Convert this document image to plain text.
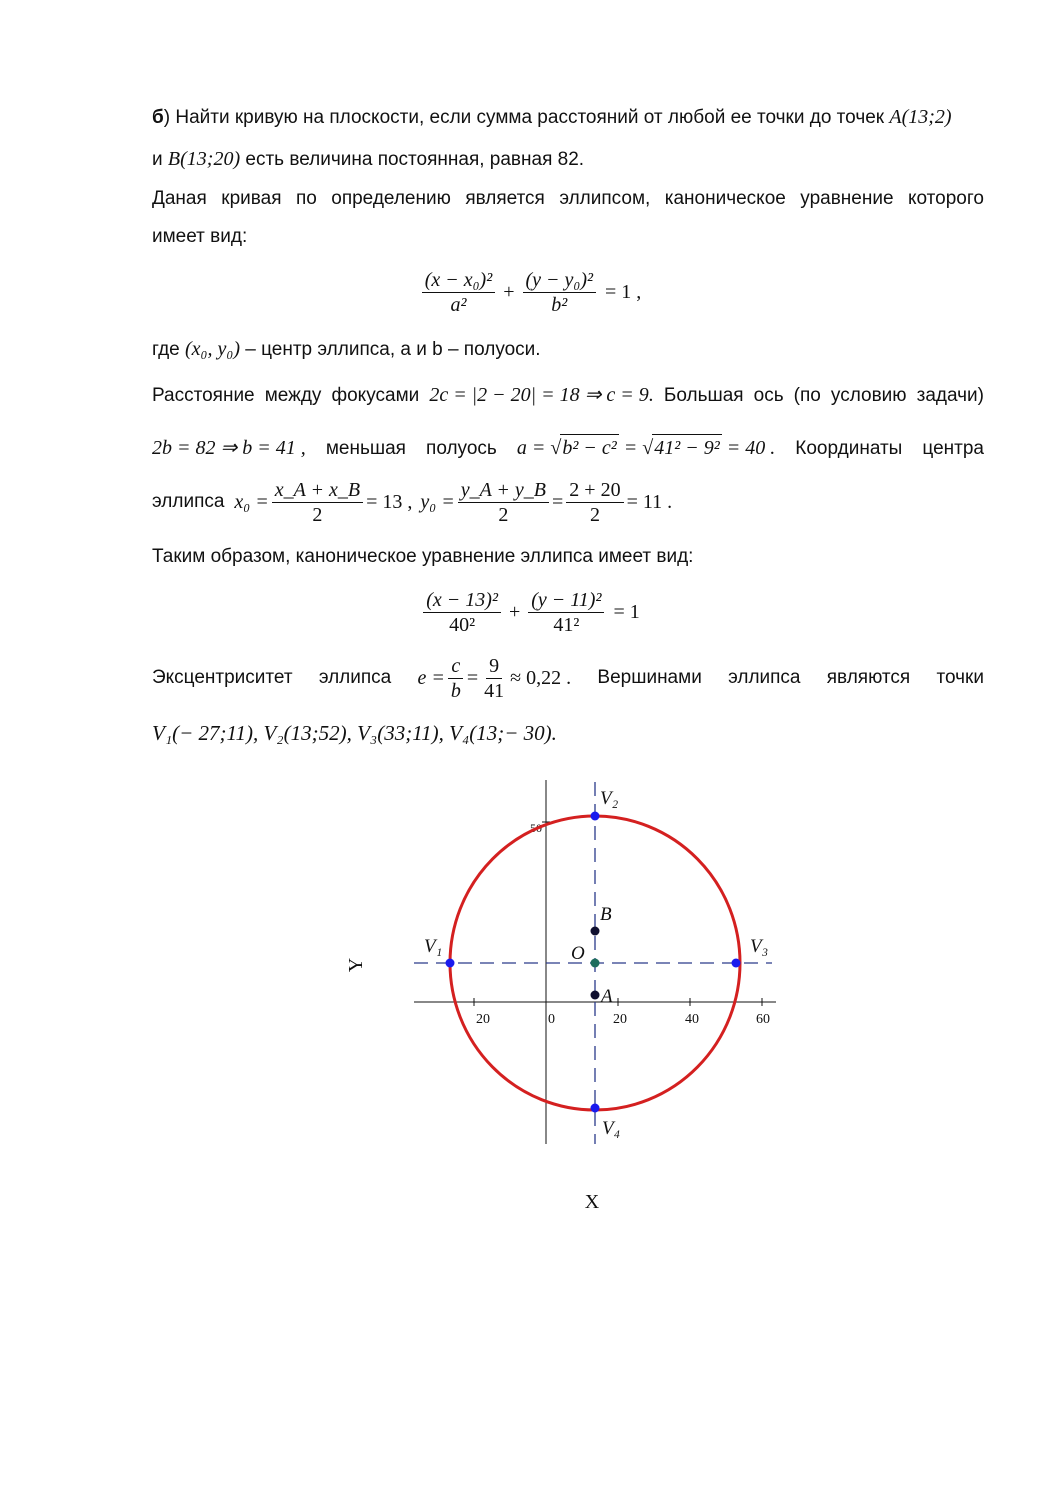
б) Найти кривую на плоскости, если сумма расстояний от любой ее точки до точек A(13;2)
и B(13;20) есть величина постоянная, равная 82.
Даная кривая по определению является эллипсом, каноническое уравнение которого
имеет вид:
$\frac{\text{(x − x₀)²}}{\text{a²}} + \frac{\text{(y − y₀)²}}{\text{b²}} = 1$ ,
где (x₀, y₀) – центр эллипса, a и b – полуоси.
Расстояние между фокусами 2c = |2 − 20| = 18 ⇒ c = 9. Большая ось (по условию задачи)
2b = 82 ⇒ b = 41 , меньшая полуось a = √b² − c² = √41² − 9² = 40 . Координаты центра
эллипса $x_0 = \frac{x\_A + x\_B}{2} = 13$ , $y_0 = \frac{y\_A + y\_B}{2} = \frac{2 + 20}{2} = 11$ .
Таким образом, каноническое уравнение эллипса имеет вид:
$\frac{\text{(x − 13)²}}{\text{40²}} + \frac{\text{(y − 11)²}}{\text{41²}} = 1$
Эксцентриситет эллипса $e = \frac{c}{b} = \frac{9}{41} \approx 0,22$ . Вершинами эллипса являются точки
V₁(− 27;11), V₂(13;52), V₃(33;11), V₄(13;− 30).
20	0	20	40	60
50
V₁
V₂
V₃
V₄
B
O
A
Y
X
